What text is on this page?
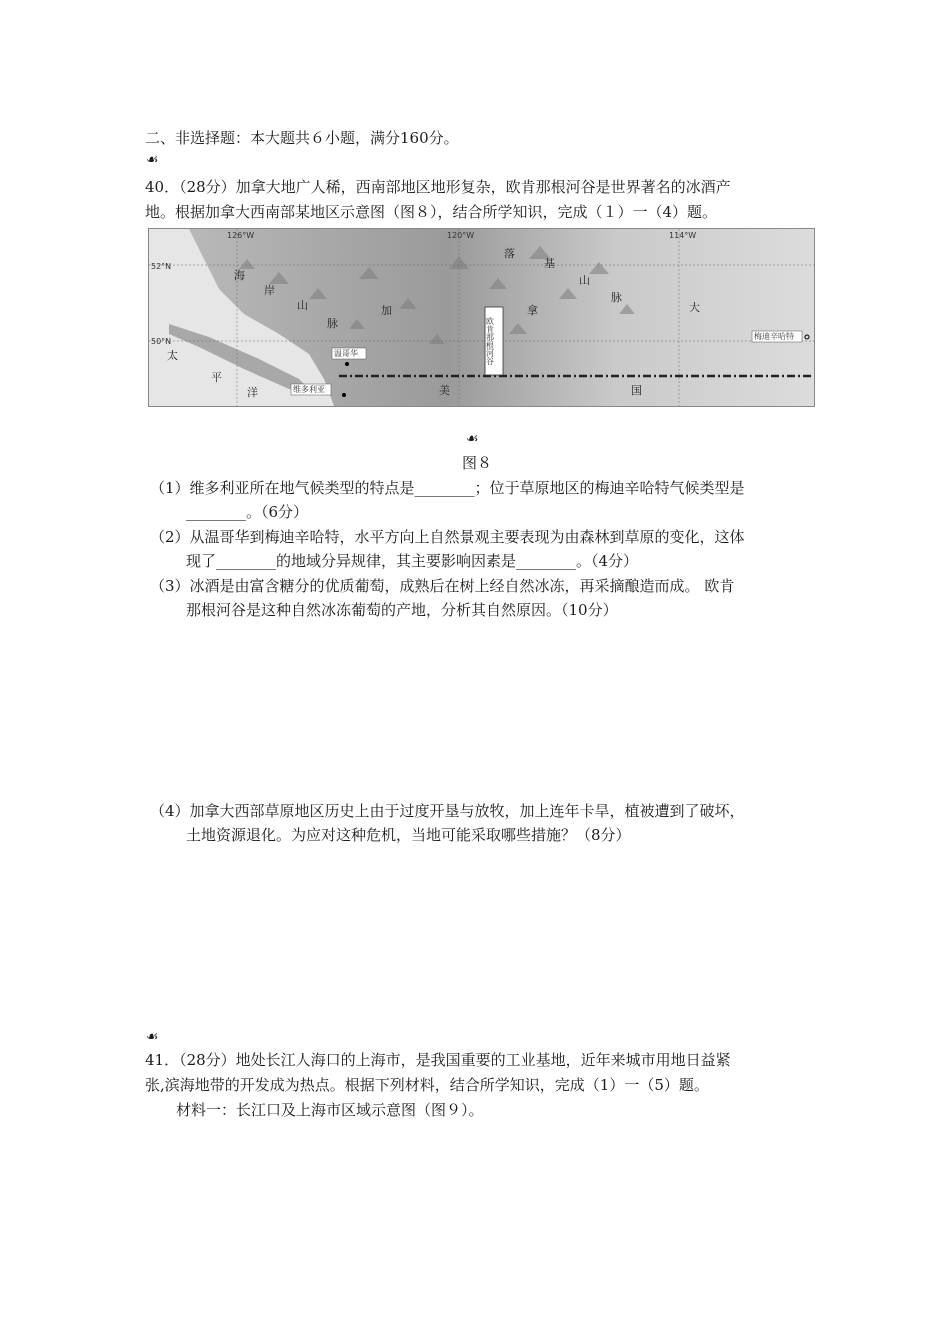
二、非选择题：本大题共６小题，满分160分。
☙
40．（28分）加拿大地广人稀，西南部地区地形复杂，欧肯那根河谷是世界著名的冰酒产
地。根据加拿大西南部某地区示意图（图８），结合所学知识，完成（１）一（4）题。
126°W	120°W	114°W
52°N
50°N	欧肯那根河谷
温哥华
维多利亚
梅迪辛哈特
海
岸
山
脉
加	拿	大
落
基
山
脉
太
平
洋	美	国
☙
图８
（1）维多利亚所在地气候类型的特点是________；位于草原地区的梅迪辛哈特气候类型是
________。（6分）
（2）从温哥华到梅迪辛哈特，水平方向上自然景观主要表现为由森林到草原的变化，这体
现了________的地域分异规律，其主要影响因素是________。（4分）
（3）冰酒是由富含糖分的优质葡萄，成熟后在树上经自然冰冻，再采摘酿造而成。 欧肯
那根河谷是这种自然冰冻葡萄的产地，分析其自然原因。（10分）
（4）加拿大西部草原地区历史上由于过度开垦与放牧，加上连年卡旱，植被遭到了破坏，
土地资源退化。为应对这种危机，当地可能采取哪些措施？（8分）
☙
41．（28分）地处长江人海口的上海市，是我国重要的工业基地，近年来城市用地日益紧
张,滨海地带的开发成为热点。根据下列材料，结合所学知识，完成（1）一（5）题。
材料一：长江口及上海市区域示意图（图９）。
